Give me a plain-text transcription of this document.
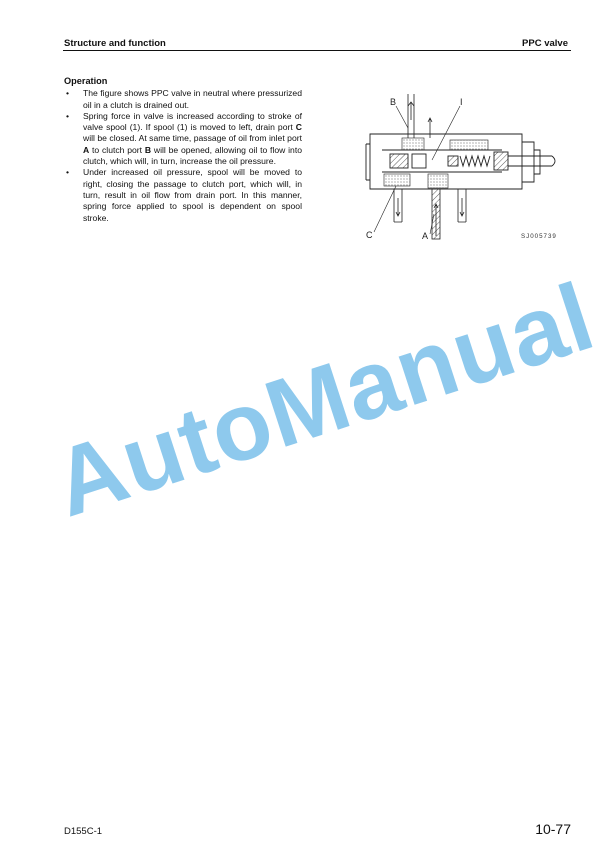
Structure and function	PPC valve
Operation
• The figure shows PPC valve in neutral where pressurized oil in a clutch is drained out.
• Spring force in valve is increased according to stroke of valve spool (1). If spool (1) is moved to left, drain port C will be closed. At same time, passage of oil from inlet port A to clutch port B will be opened, allowing oil to flow into clutch, which will, in turn, increase the oil pressure.
• Under increased oil pressure, spool will be moved to right, closing the passage to clutch port, which will, in turn, result in oil flow from drain port. In this manner, spring force applied to spool is dependent on spool stroke.
B	I
C	A	SJ005739
AutoManual
D155C-1	10-77
